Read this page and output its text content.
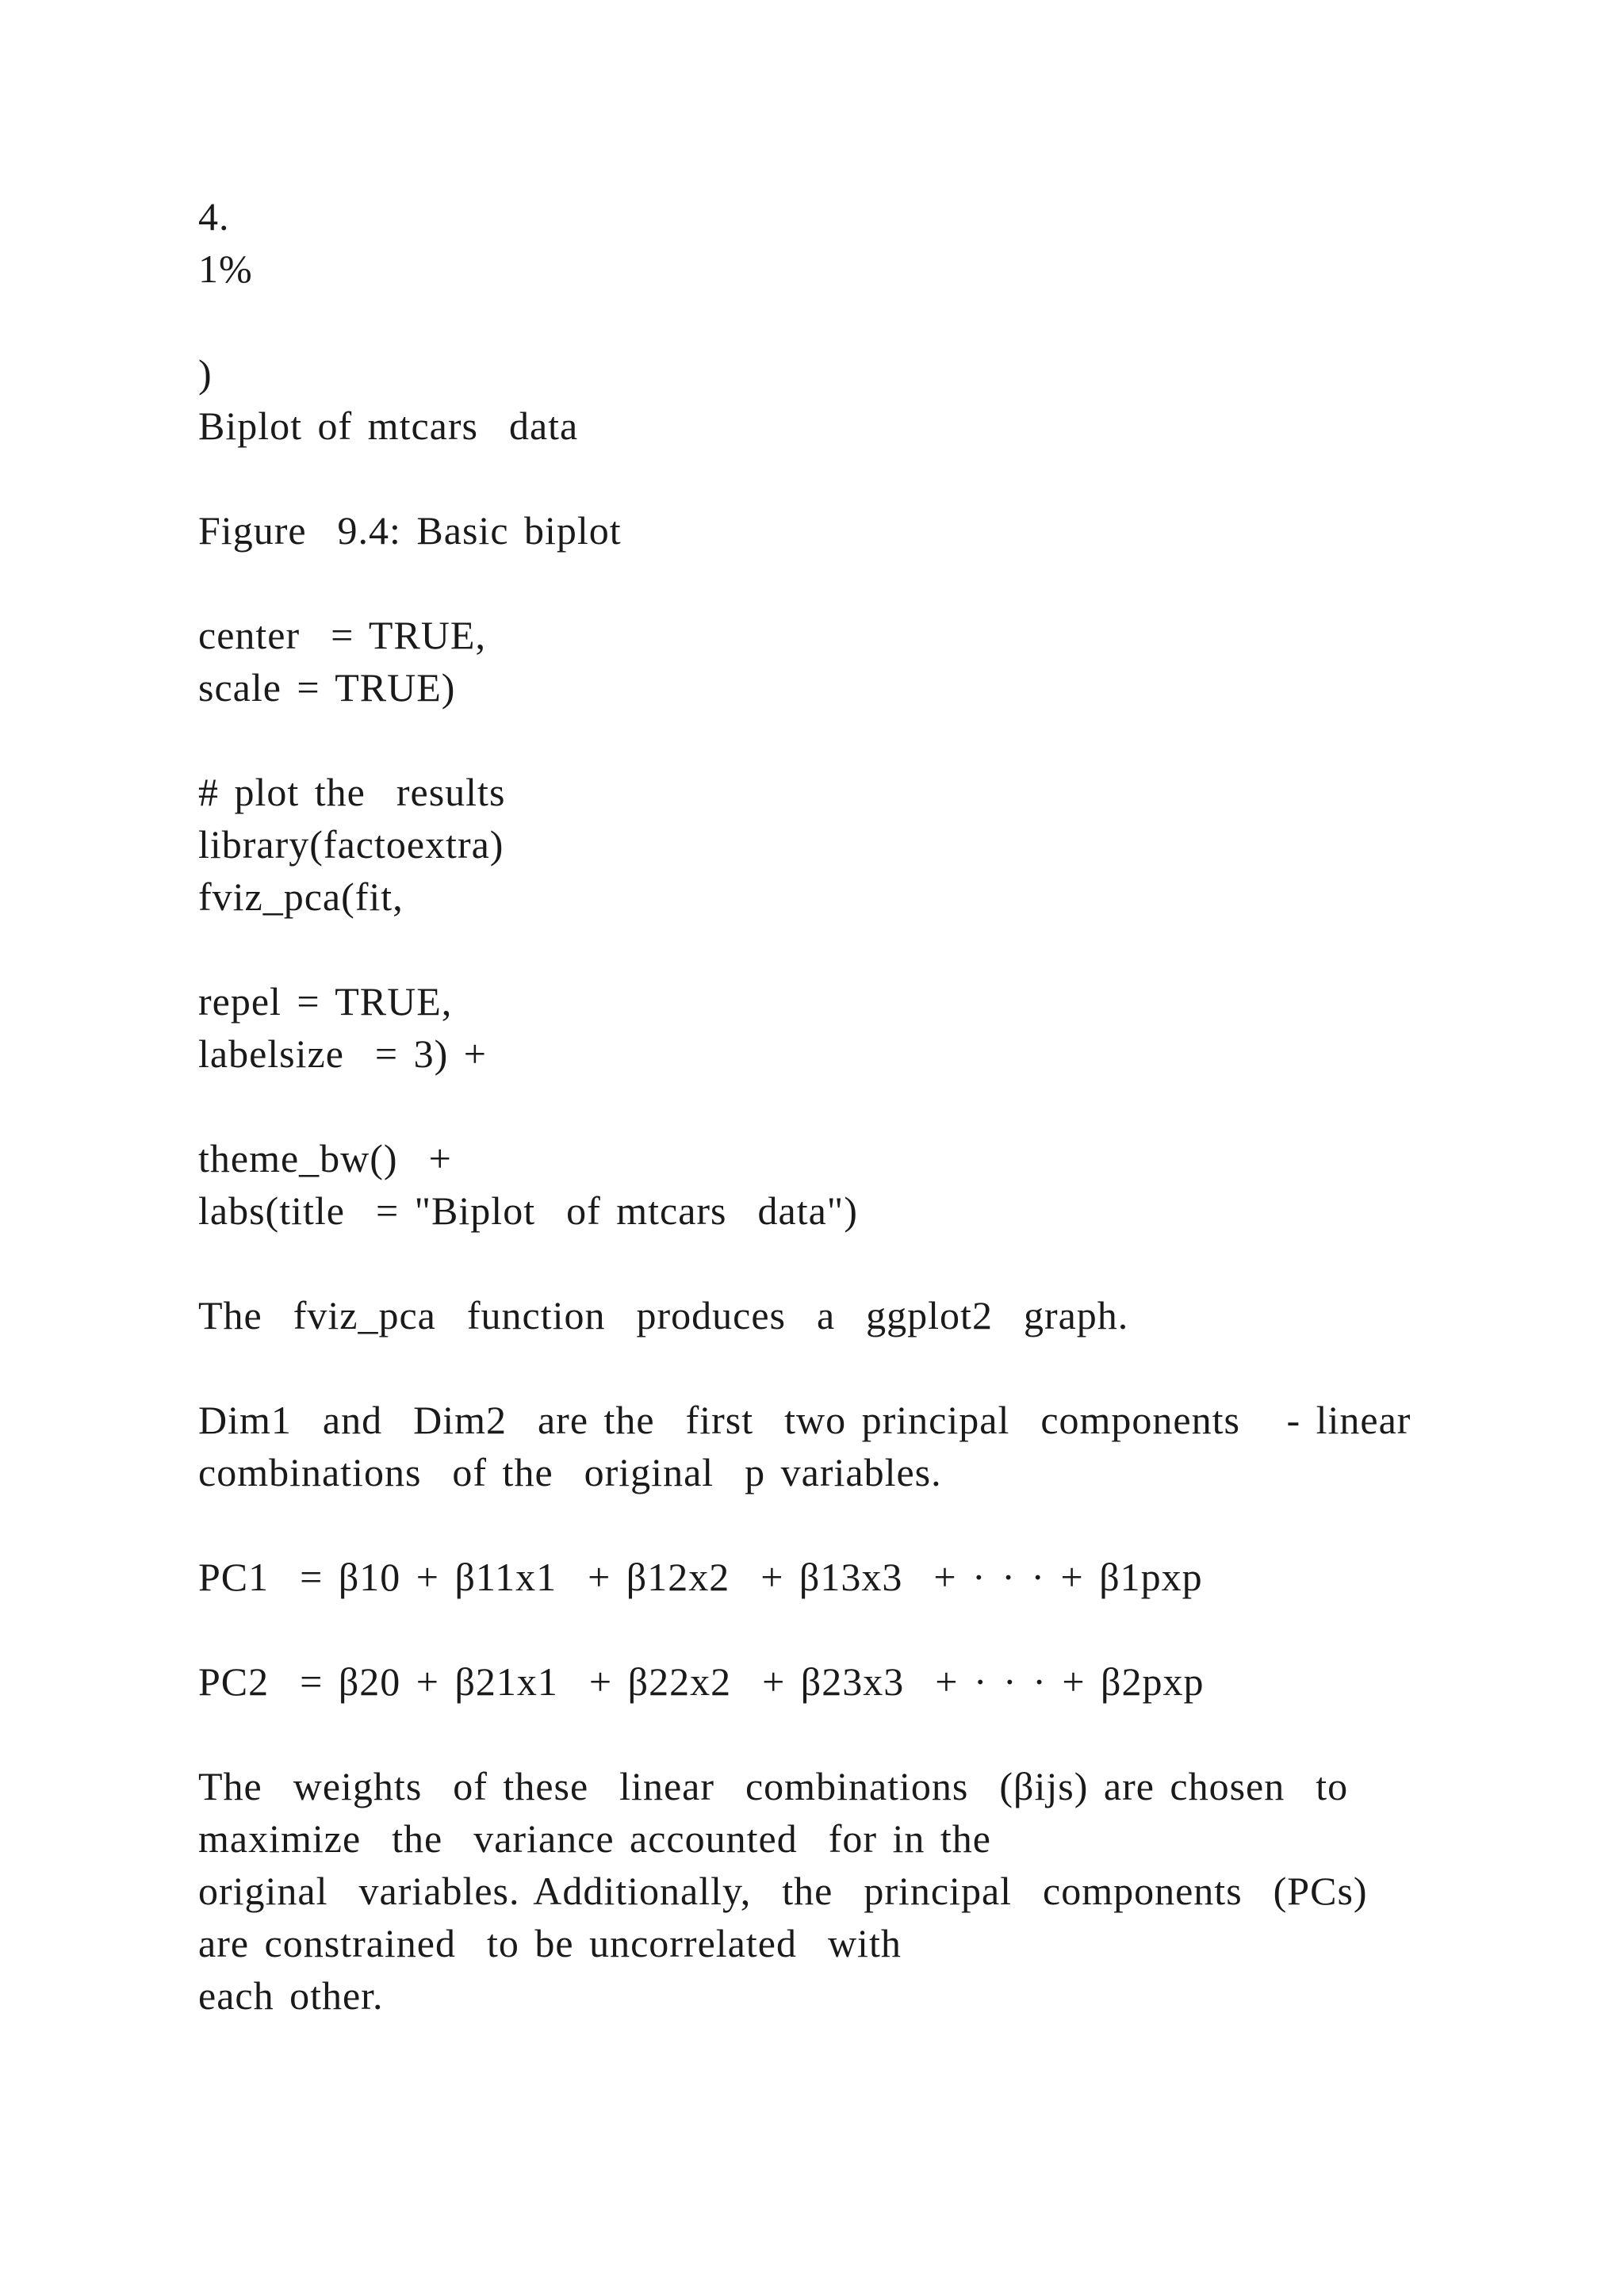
4.
1%
)
Biplot of mtcars  data
Figure  9.4: Basic biplot
center  = TRUE,
scale = TRUE)
# plot the  results
library(factoextra)
fviz_pca(fit,
repel = TRUE,
labelsize  = 3) +
theme_bw()  +
labs(title  = "Biplot  of mtcars  data")
The  fviz_pca  function  produces  a  ggplot2  graph.
Dim1  and  Dim2  are the  first  two principal  components   - linear
combinations  of the  original  p variables.
PC1  = β10 + β11x1  + β12x2  + β13x3  + · · · + β1pxp
PC2  = β20 + β21x1  + β22x2  + β23x3  + · · · + β2pxp
The  weights  of these  linear  combinations  (βijs) are chosen  to
maximize  the  variance accounted  for in the
original  variables. Additionally,  the  principal  components  (PCs)
are constrained  to be uncorrelated  with
each other.
